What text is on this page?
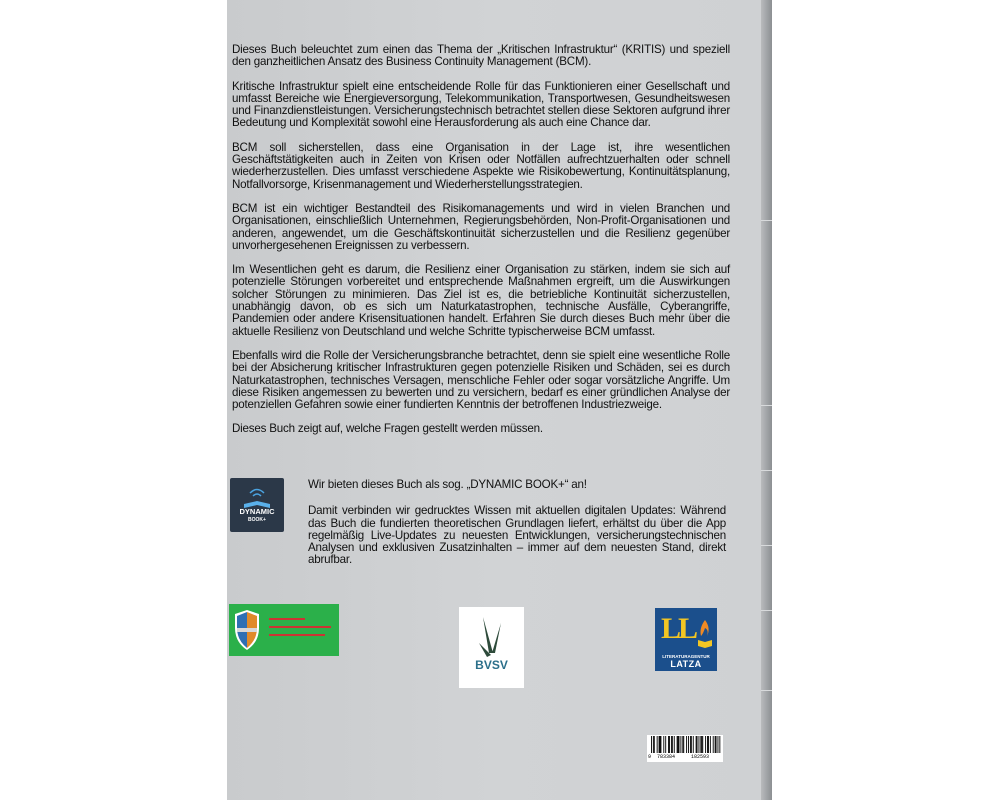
Dieses Buch beleuchtet zum einen das Thema der „Kritischen Infrastruktur“ (KRITIS) und speziell den ganzheitlichen Ansatz des Business Continuity Management (BCM).

Kritische Infrastruktur spielt eine entscheidende Rolle für das Funktionieren einer Gesellschaft und umfasst Bereiche wie Energieversorgung, Telekommunikation, Transportwesen, Gesundheitswesen und Finanzdienstleistungen. Versicherungstechnisch betrachtet stellen diese Sektoren aufgrund ihrer Bedeutung und Komplexität sowohl eine Herausforderung als auch eine Chance dar.

BCM soll sicherstellen, dass eine Organisation in der Lage ist, ihre wesentlichen Geschäftstätigkeiten auch in Zeiten von Krisen oder Notfällen aufrechtzuerhalten oder schnell wiederherzustellen. Dies umfasst verschiedene Aspekte wie Risikobewertung, Kontinuitätsplanung, Notfallvorsorge, Krisenmanagement und Wiederherstellungsstrategien.

BCM ist ein wichtiger Bestandteil des Risikomanagements und wird in vielen Branchen und Organisationen, einschließlich Unternehmen, Regierungsbehörden, Non-Profit-Organisationen und anderen, angewendet, um die Geschäftskontinuität sicherzustellen und die Resilienz gegenüber unvorhergesehenen Ereignissen zu verbessern.

Im Wesentlichen geht es darum, die Resilienz einer Organisation zu stärken, indem sie sich auf potenzielle Störungen vorbereitet und entsprechende Maßnahmen ergreift, um die Auswirkungen solcher Störungen zu minimieren. Das Ziel ist es, die betriebliche Kontinuität sicherzustellen, unabhängig davon, ob es sich um Naturkatastrophen, technische Ausfälle, Cyberangriffe, Pandemien oder andere Krisensituationen handelt. Erfahren Sie durch dieses Buch mehr über die aktuelle Resilienz von Deutschland und welche Schritte typischerweise BCM umfasst.

Ebenfalls wird die Rolle der Versicherungsbranche betrachtet, denn sie spielt eine wesentliche Rolle bei der Absicherung kritischer Infrastrukturen gegen potenzielle Risiken und Schäden, sei es durch Naturkatastrophen, technisches Versagen, menschliche Fehler oder sogar vorsätzliche Angriffe. Um diese Risiken angemessen zu bewerten und zu versichern, bedarf es einer gründlichen Analyse der potenziellen Gefahren sowie einer fundierten Kenntnis der betroffenen Industriezweige.

Dieses Buch zeigt auf, welche Fragen gestellt werden müssen.

DYNAMIC
BOOK+

Wir bieten dieses Buch als sog. „DYNAMIC BOOK+“ an!

Damit verbinden wir gedrucktes Wissen mit aktuellen digitalen Updates: Während das Buch die fundierten theoretischen Grundlagen liefert, erhältst du über die App regelmäßig Live-Updates zu neuesten Entwicklungen, versicherungstechnischen Analysen und exklusiven Zusatzinhalten – immer auf dem neuesten Stand, direkt abrufbar.

BVSV
LL
LITERATURAGENTUR
LATZA
9 783384	182593
